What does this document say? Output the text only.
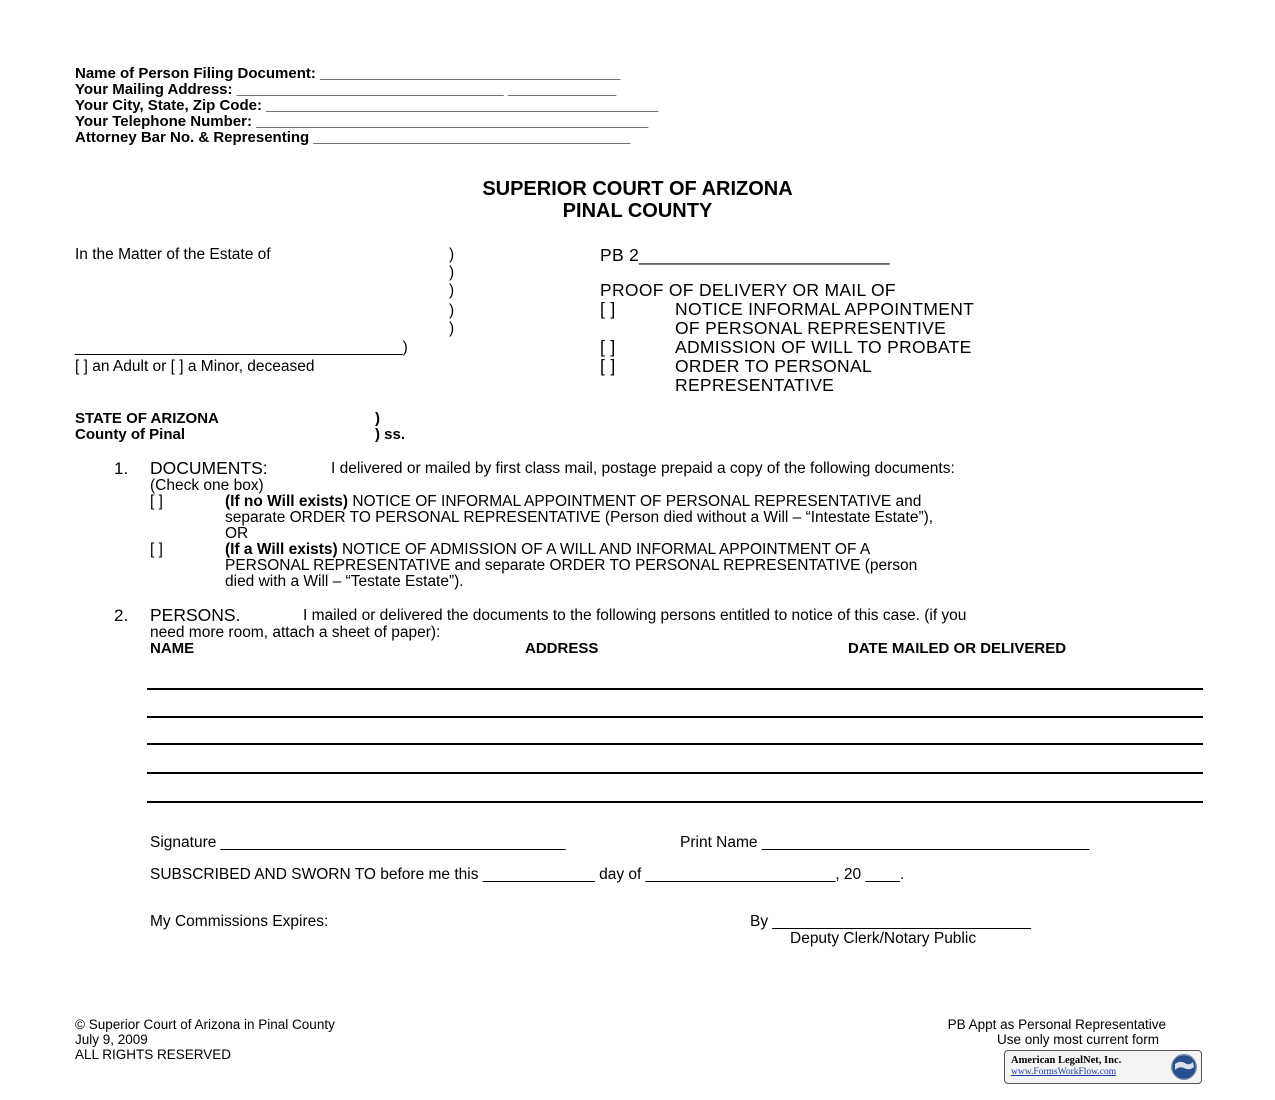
Name of Person Filing Document: ____________________________________
Your Mailing Address: ________________________________ _____________
Your City, State, Zip Code: _______________________________________________
Your Telephone Number: _______________________________________________
Attorney Bar No. & Representing ______________________________________
SUPERIOR COURT OF ARIZONA
PINAL COUNTY
In the Matter of the Estate of	)
)
)
)
)
______________________________________)
[ ] an Adult or [ ] a Minor, deceased
PB 2_________________________
PROOF OF DELIVERY OR MAIL OF
[ ]	NOTICE INFORMAL APPOINTMENT
OF PERSONAL REPRESENTIVE
[ ]	ADMISSION OF WILL TO PROBATE
[ ]	ORDER TO PERSONAL
REPRESENTATIVE
STATE OF ARIZONA	)
County of Pinal	) ss.
1. DOCUMENTS:	I delivered or mailed by first class mail, postage prepaid a copy of the following documents:
(Check one box)
[ ]	(If no Will exists) NOTICE OF INFORMAL APPOINTMENT OF PERSONAL REPRESENTATIVE and
separate ORDER TO PERSONAL REPRESENTATIVE (Person died without a Will – “Intestate Estate”),
OR
[ ]	(If a Will exists) NOTICE OF ADMISSION OF A WILL AND INFORMAL APPOINTMENT OF A
PERSONAL REPRESENTATIVE and separate ORDER TO PERSONAL REPRESENTATIVE (person
died with a Will – “Testate Estate”).
2. PERSONS.	I mailed or delivered the documents to the following persons entitled to notice of this case. (if you
need more room, attach a sheet of paper):
NAME	ADDRESS	DATE MAILED OR DELIVERED
Signature ________________________________________	Print Name ______________________________________
SUBSCRIBED AND SWORN TO before me this _____________ day of ______________________, 20 ____.
My Commissions Expires:	By ______________________________
Deputy Clerk/Notary Public
© Superior Court of Arizona in Pinal County
July 9, 2009
ALL RIGHTS RESERVED
PB Appt as Personal Representative
Use only most current form
American LegalNet, Inc.
www.FormsWorkFlow.com
